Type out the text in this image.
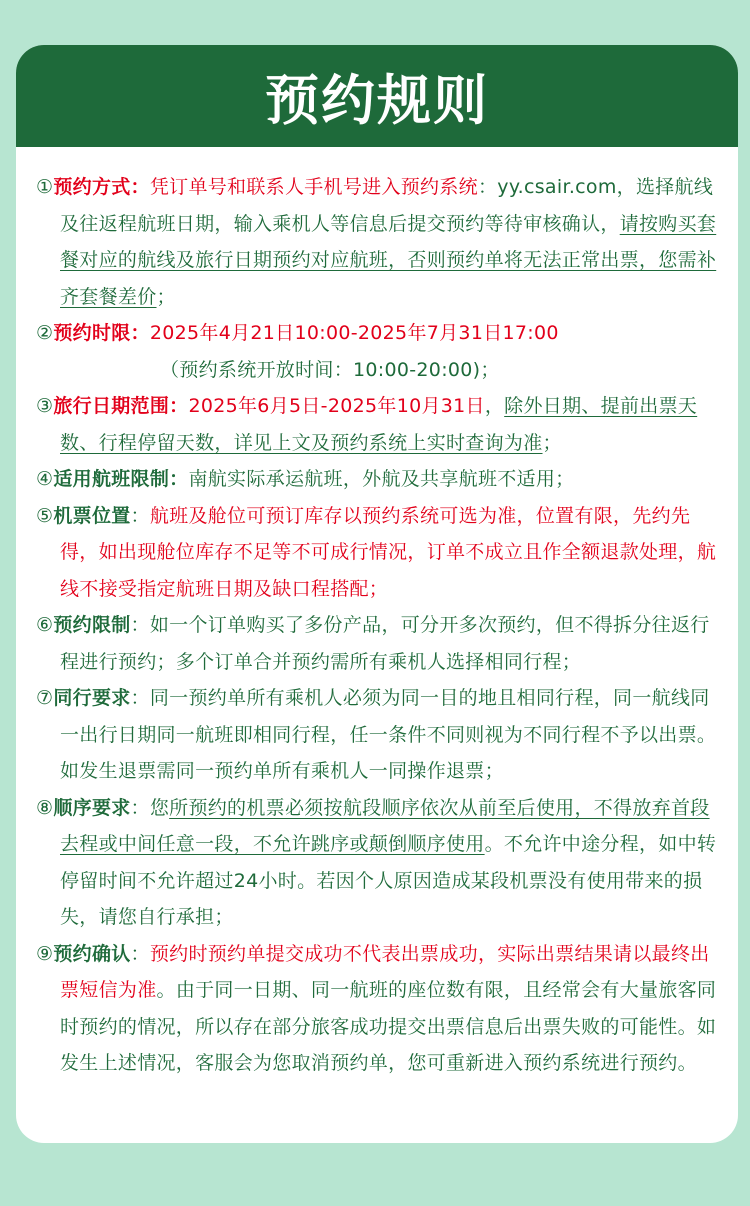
预约规则
①预约方式：凭订单号和联系人手机号进入预约系统：yy.csair.com，选择航线及往返程航班日期，输入乘机人等信息后提交预约等待审核确认，请按购买套餐对应的航线及旅行日期预约对应航班，否则预约单将无法正常出票，您需补齐套餐差价；
②预约时限：2025年4月21日10:00-2025年7月31日17:00
（预约系统开放时间：10:00-20:00)；
③旅行日期范围：2025年6月5日-2025年10月31日，除外日期、提前出票天数、行程停留天数，详见上文及预约系统上实时查询为准；
④适用航班限制：南航实际承运航班，外航及共享航班不适用；
⑤机票位置：航班及舱位可预订库存以预约系统可选为准，位置有限，先约先得，如出现舱位库存不足等不可成行情况，订单不成立且作全额退款处理，航线不接受指定航班日期及缺口程搭配；
⑥预约限制：如一个订单购买了多份产品，可分开多次预约，但不得拆分往返行程进行预约；多个订单合并预约需所有乘机人选择相同行程；
⑦同行要求：同一预约单所有乘机人必须为同一目的地且相同行程，同一航线同一出行日期同一航班即相同行程，任一条件不同则视为不同行程不予以出票。如发生退票需同一预约单所有乘机人一同操作退票；
⑧顺序要求：您所预约的机票必须按航段顺序依次从前至后使用，不得放弃首段去程或中间任意一段，不允许跳序或颠倒顺序使用。不允许中途分程，如中转停留时间不允许超过24小时。若因个人原因造成某段机票没有使用带来的损失，请您自行承担；
⑨预约确认：预约时预约单提交成功不代表出票成功，实际出票结果请以最终出票短信为准。由于同一日期、同一航班的座位数有限，且经常会有大量旅客同时预约的情况，所以存在部分旅客成功提交出票信息后出票失败的可能性。如发生上述情况，客服会为您取消预约单，您可重新进入预约系统进行预约。
